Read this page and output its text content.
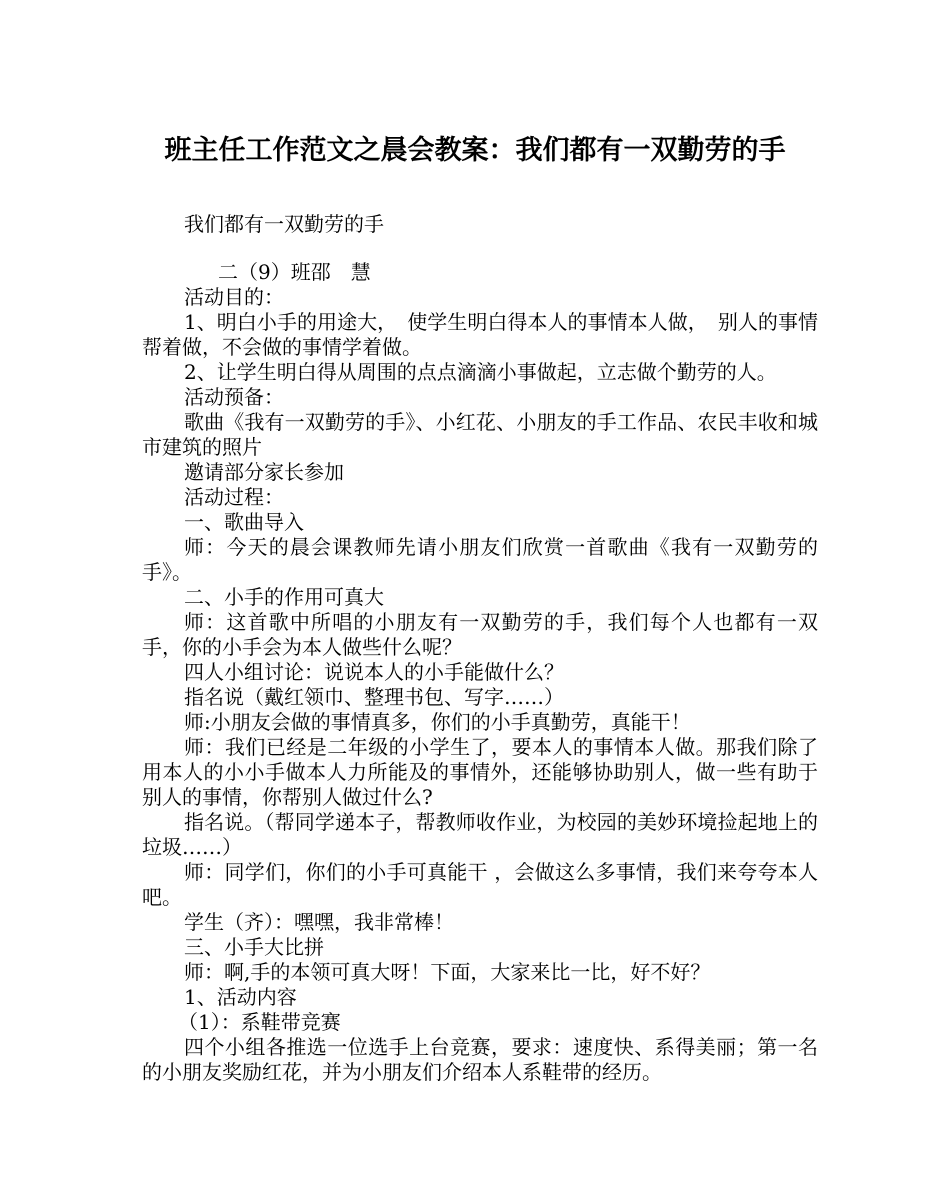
班主任工作范文之晨会教案：我们都有一双勤劳的手
我们都有一双勤劳的手

二（9）班邵　慧

活动目的：

1、明白小手的用途大，　使学生明白得本人的事情本人做，　别人的事情帮着做，不会做的事情学着做。

2、让学生明白得从周围的点点滴滴小事做起，立志做个勤劳的人。

活动预备：

歌曲《我有一双勤劳的手》、小红花、小朋友的手工作品、农民丰收和城市建筑的照片

邀请部分家长参加

活动过程：

一、歌曲导入

师：今天的晨会课教师先请小朋友们欣赏一首歌曲《我有一双勤劳的手》。

二、小手的作用可真大

师：这首歌中所唱的小朋友有一双勤劳的手，我们每个人也都有一双手，你的小手会为本人做些什么呢？

四人小组讨论：说说本人的小手能做什么？

指名说（戴红领巾、整理书包、写字……）

师:小朋友会做的事情真多，你们的小手真勤劳，真能干！

师：我们已经是二年级的小学生了，要本人的事情本人做。那我们除了用本人的小小手做本人力所能及的事情外，还能够协助别人，做一些有助于别人的事情，你帮别人做过什么?

指名说。（帮同学递本子，帮教师收作业，为校园的美妙环境捡起地上的垃圾……）

师：同学们，你们的小手可真能干 ，会做这么多事情，我们来夸夸本人吧。

学生（齐）：嘿嘿，我非常棒！

三、小手大比拼

师：啊,手的本领可真大呀！下面，大家来比一比，好不好？

1、活动内容

（1）：系鞋带竞赛

四个小组各推选一位选手上台竞赛，要求：速度快、系得美丽；第一名的小朋友奖励红花，并为小朋友们介绍本人系鞋带的经历。
